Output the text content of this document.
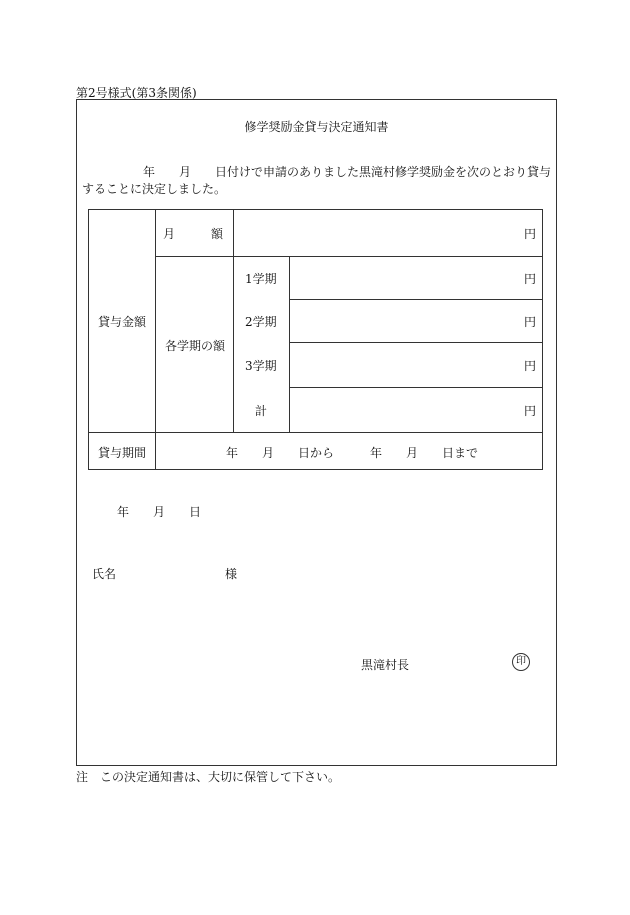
第2号様式(第3条関係)
修学奨励金貸与決定通知書
年　　月　　日付けで申請のありました黒滝村修学奨励金を次のとおり貸与
することに決定しました。
貸与金額
月　　　額	円
各学期の額
1学期	円
2学期	円
3学期	円
計	円
貸与期間	年　　月　　日から	年　　月　　日まで
年　　月　　日
氏名	様
黒滝村長	印
注　この決定通知書は、大切に保管して下さい。
